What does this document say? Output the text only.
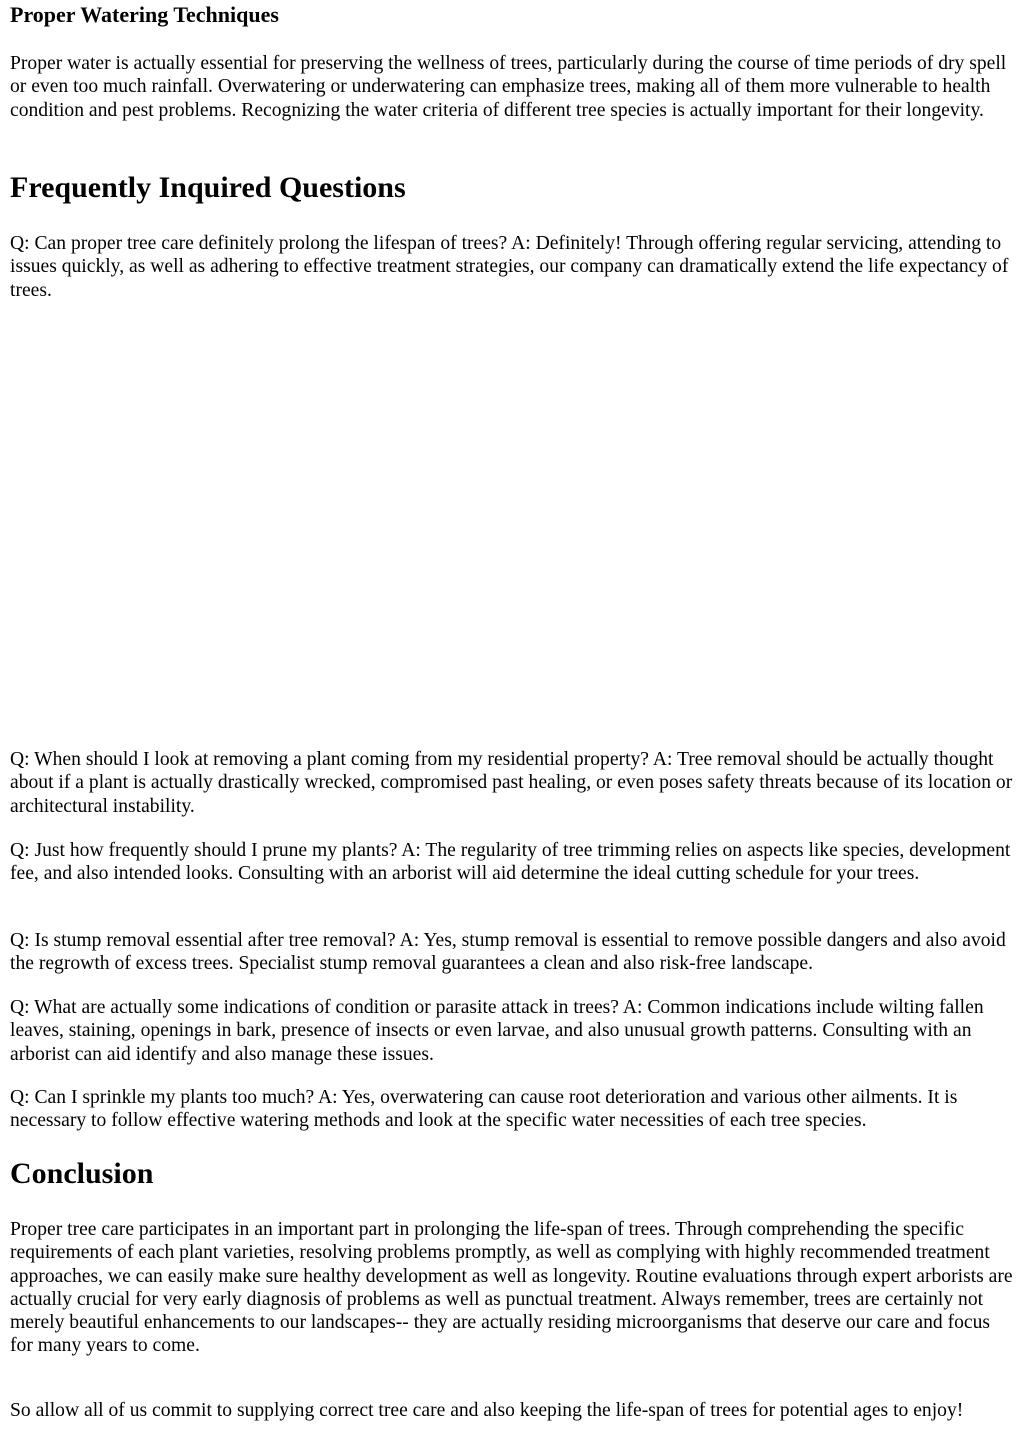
Proper Watering Techniques

Proper water is actually essential for preserving the wellness of trees, particularly during the course of time periods of dry spell or even too much rainfall. Overwatering or underwatering can emphasize trees, making all of them more vulnerable to health condition and pest problems. Recognizing the water criteria of different tree species is actually important for their longevity.

Frequently Inquired Questions

Q: Can proper tree care definitely prolong the lifespan of trees? A: Definitely! Through offering regular servicing, attending to issues quickly, as well as adhering to effective treatment strategies, our company can dramatically extend the life expectancy of trees.

Q: When should I look at removing a plant coming from my residential property? A: Tree removal should be actually thought about if a plant is actually drastically wrecked, compromised past healing, or even poses safety threats because of its location or architectural instability.

Q: Just how frequently should I prune my plants? A: The regularity of tree trimming relies on aspects like species, development fee, and also intended looks. Consulting with an arborist will aid determine the ideal cutting schedule for your trees.

Q: Is stump removal essential after tree removal? A: Yes, stump removal is essential to remove possible dangers and also avoid the regrowth of excess trees. Specialist stump removal guarantees a clean and also risk-free landscape.

Q: What are actually some indications of condition or parasite attack in trees? A: Common indications include wilting fallen leaves, staining, openings in bark, presence of insects or even larvae, and also unusual growth patterns. Consulting with an arborist can aid identify and also manage these issues.

Q: Can I sprinkle my plants too much? A: Yes, overwatering can cause root deterioration and various other ailments. It is necessary to follow effective watering methods and look at the specific water necessities of each tree species.

Conclusion

Proper tree care participates in an important part in prolonging the life-span of trees. Through comprehending the specific requirements of each plant varieties, resolving problems promptly, as well as complying with highly recommended treatment approaches, we can easily make sure healthy development as well as longevity. Routine evaluations through expert arborists are actually crucial for very early diagnosis of problems as well as punctual treatment. Always remember, trees are certainly not merely beautiful enhancements to our landscapes-- they are actually residing microorganisms that deserve our care and focus for many years to come.

So allow all of us commit to supplying correct tree care and also keeping the life-span of trees for potential ages to enjoy!
